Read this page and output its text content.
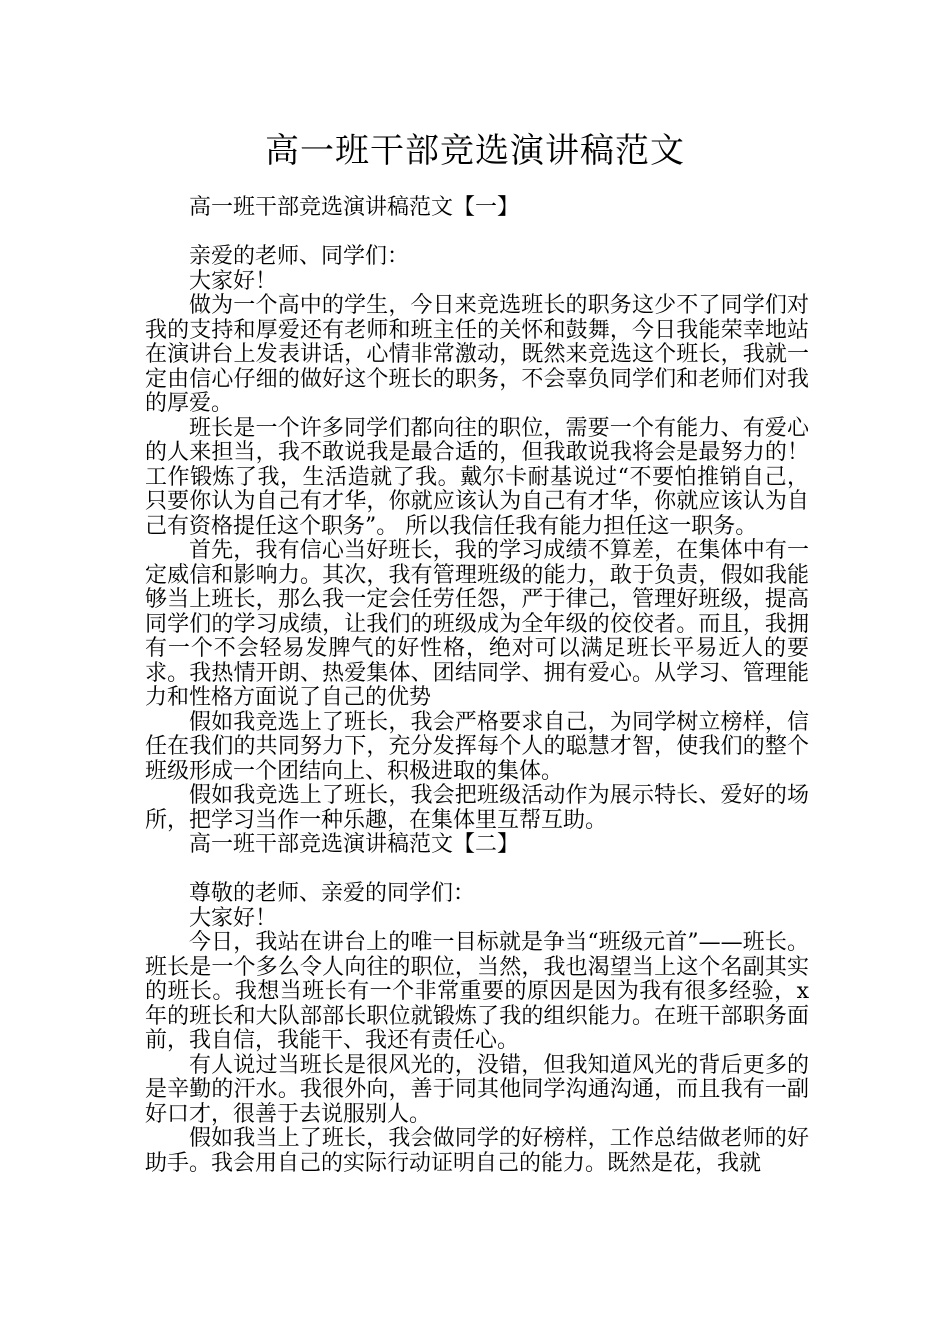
高一班干部竞选演讲稿范文

高一班干部竞选演讲稿范文【一】

亲爱的老师、同学们：

大家好！

做为一个高中的学生，今日来竞选班长的职务这少不了同学们对我的支持和厚爱还有老师和班主任的关怀和鼓舞，今日我能荣幸地站在演讲台上发表讲话，心情非常激动，既然来竞选这个班长，我就一定由信心仔细的做好这个班长的职务，不会辜负同学们和老师们对我的厚爱。

班长是一个许多同学们都向往的职位，需要一个有能力、有爱心的人来担当，我不敢说我是最合适的，但我敢说我将会是最努力的！工作锻炼了我，生活造就了我。戴尔卡耐基说过“不要怕推销自己，只要你认为自己有才华，你就应该认为自己有才华，你就应该认为自己有资格提任这个职务”。 所以我信任我有能力担任这一职务。

首先，我有信心当好班长，我的学习成绩不算差，在集体中有一定威信和影响力。其次，我有管理班级的能力，敢于负责，假如我能够当上班长，那么我一定会任劳任怨，严于律己，管理好班级，提高同学们的学习成绩，让我们的班级成为全年级的佼佼者。而且，我拥有一个不会轻易发脾气的好性格，绝对可以满足班长平易近人的要求。我热情开朗、热爱集体、团结同学、拥有爱心。从学习、管理能力和性格方面说了自己的优势

假如我竞选上了班长，我会严格要求自己，为同学树立榜样，信任在我们的共同努力下，充分发挥每个人的聪慧才智，使我们的整个班级形成一个团结向上、积极进取的集体。

假如我竞选上了班长，我会把班级活动作为展示特长、爱好的场所，把学习当作一种乐趣，在集体里互帮互助。

高一班干部竞选演讲稿范文【二】

尊敬的老师、亲爱的同学们：

大家好！

今日，我站在讲台上的唯一目标就是争当“班级元首”——班长。班长是一个多么令人向往的职位，当然，我也渴望当上这个名副其实的班长。我想当班长有一个非常重要的原因是因为我有很多经验，x 年的班长和大队部部长职位就锻炼了我的组织能力。在班干部职务面前，我自信，我能干、我还有责任心。

有人说过当班长是很风光的，没错，但我知道风光的背后更多的是辛勤的汗水。我很外向，善于同其他同学沟通沟通，而且我有一副好口才，很善于去说服别人。

假如我当上了班长，我会做同学的好榜样，工作总结做老师的好助手。我会用自己的实际行动证明自己的能力。既然是花，我就
